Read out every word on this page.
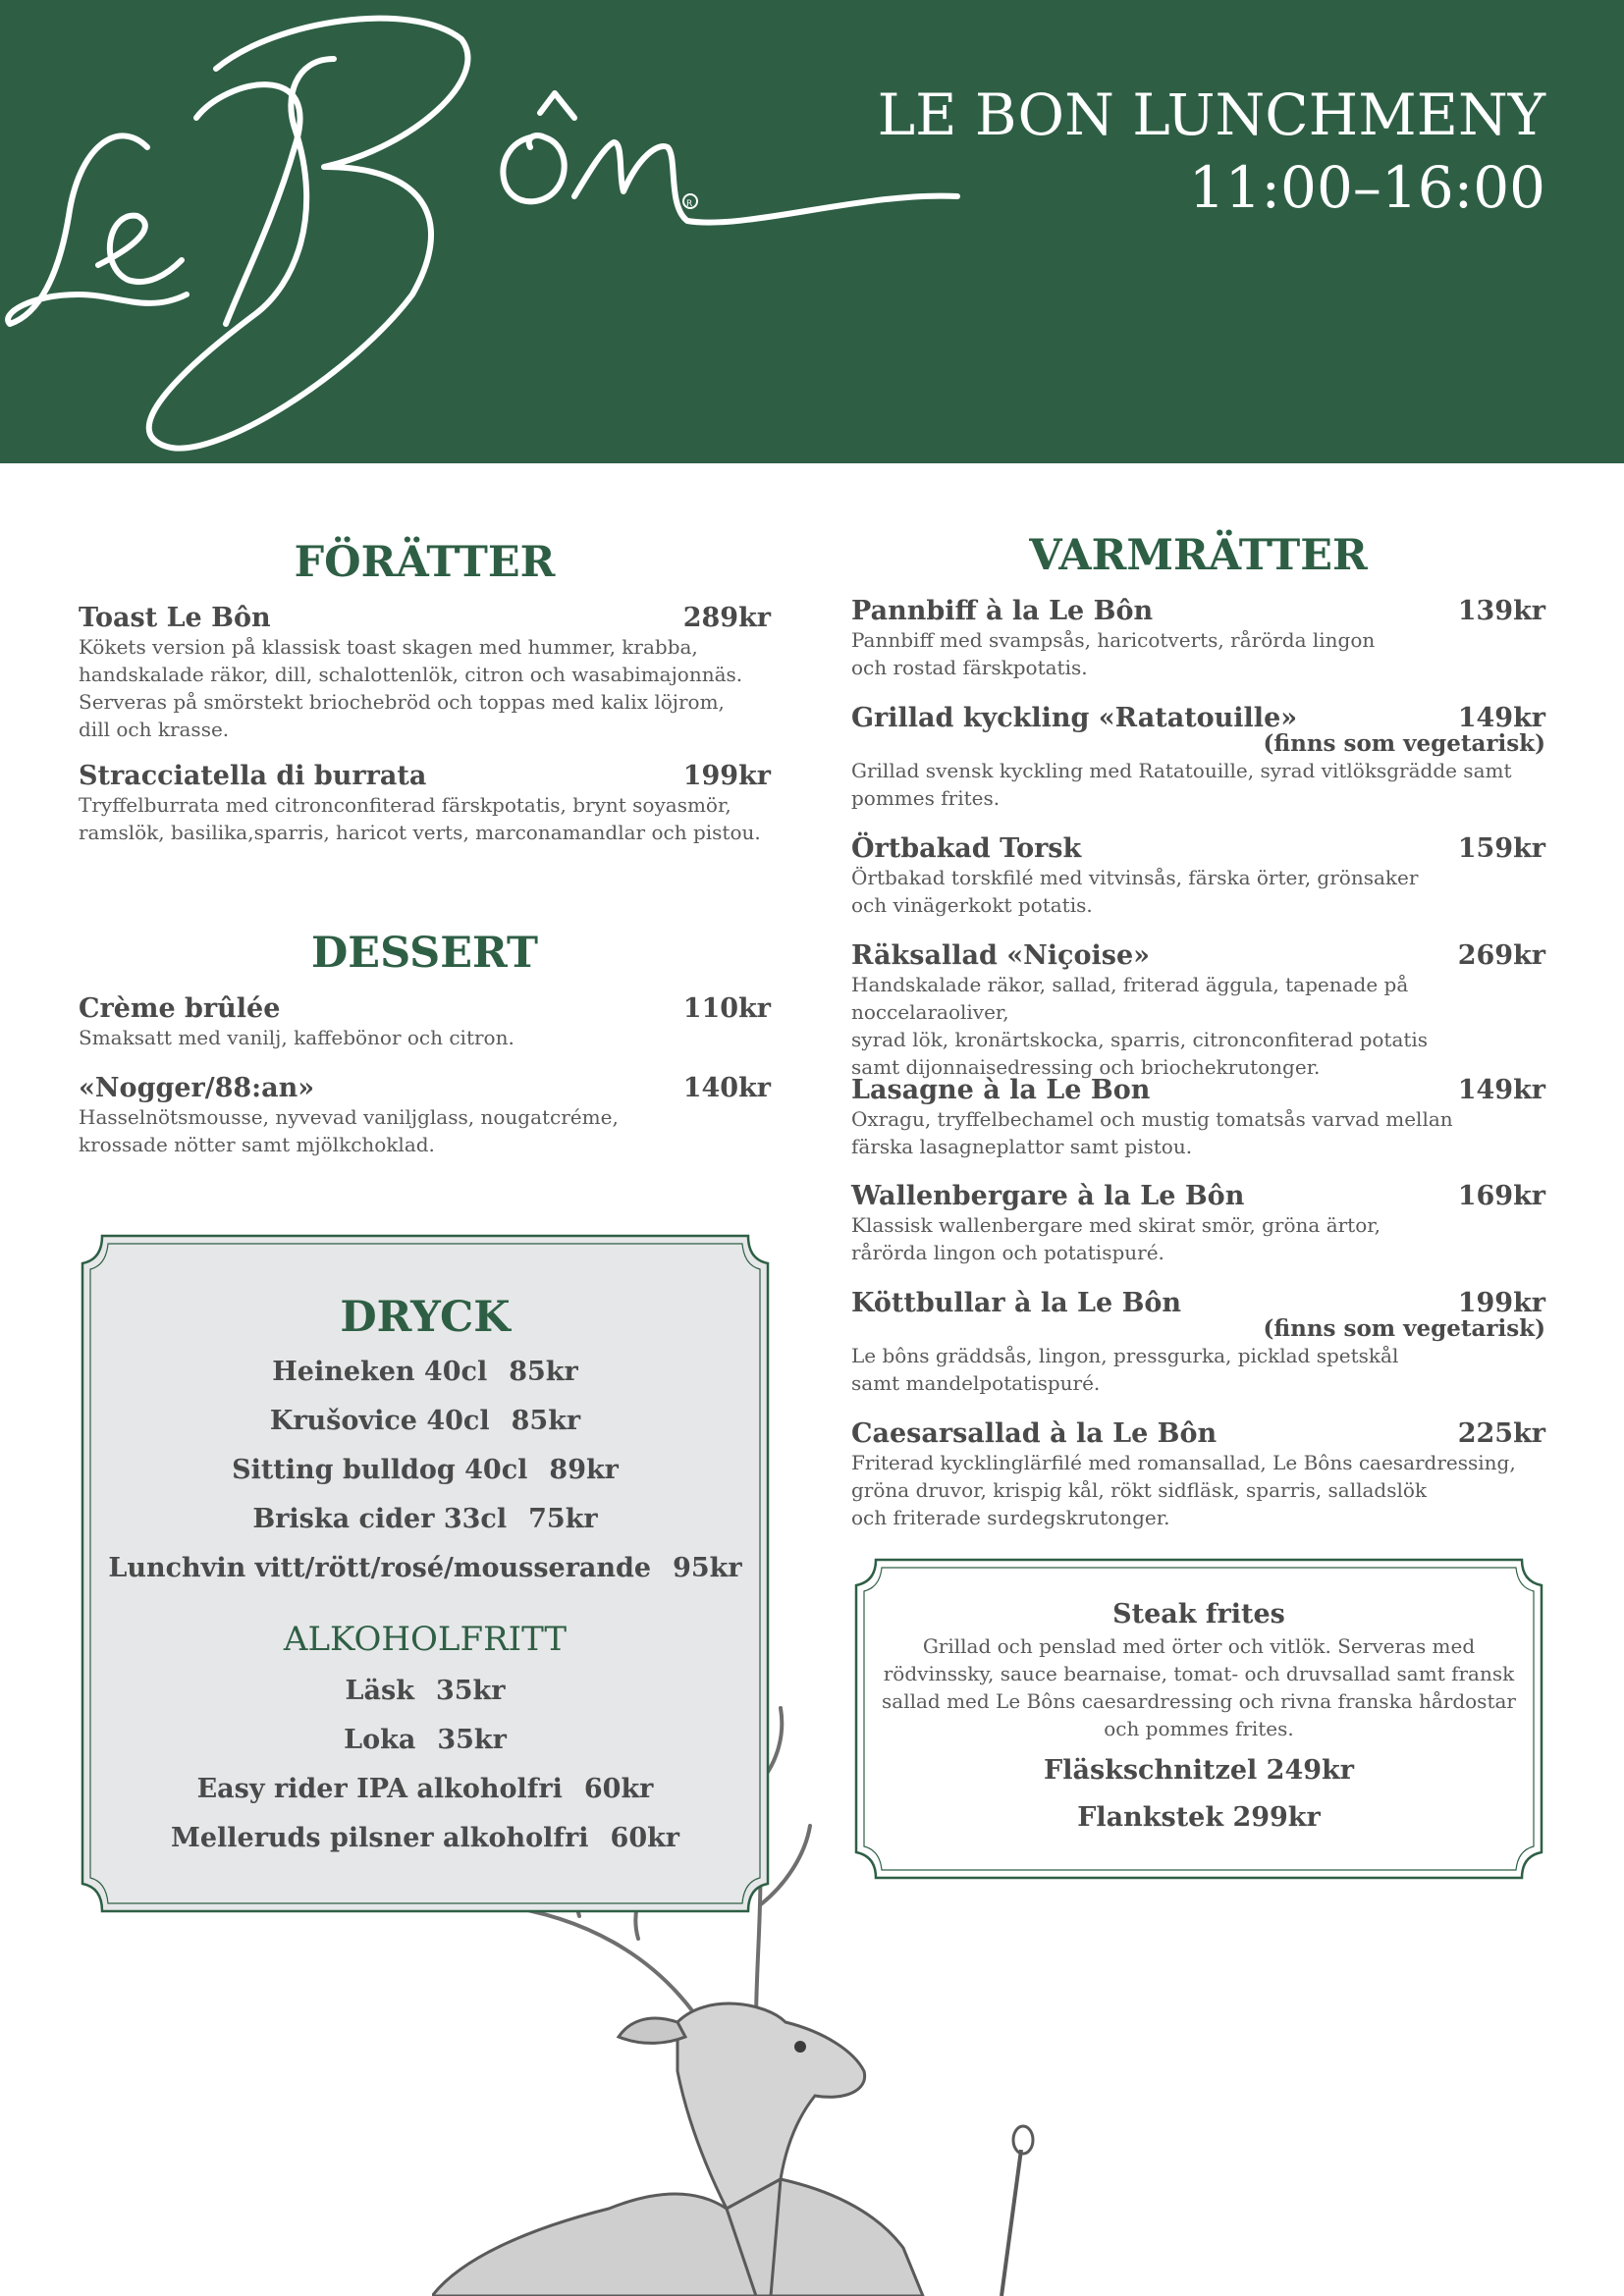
R
LE BON LUNCHMENY
11:00–16:00
FÖRÄTTER
Toast Le Bôn	289kr
Kökets version på klassisk toast skagen med hummer, krabba,
handskalade räkor, dill, schalottenlök, citron och wasabimajonnäs.
Serveras på smörstekt briochebröd och toppas med kalix löjrom,
dill och krasse.
Stracciatella di burrata	199kr
Tryffelburrata med citronconfiterad färskpotatis, brynt soyasmör,
ramslök, basilika,sparris, haricot verts, marconamandlar och pistou.
DESSERT
Crème brûlée	110kr
Smaksatt med vanilj, kaffebönor och citron.
«Nogger/88:an»	140kr
Hasselnötsmousse, nyvevad vaniljglass, nougatcréme,
krossade nötter samt mjölkchoklad.
DRYCK
Heineken 40cl 85kr
Krušovice 40cl 85kr
Sitting bulldog 40cl 89kr
Briska cider 33cl 75kr
Lunchvin vitt/rött/rosé/mousserande 95kr
ALKOHOLFRITT
Läsk 35kr
Loka 35kr
Easy rider IPA alkoholfri 60kr
Melleruds pilsner alkoholfri 60kr
VARMRÄTTER
Pannbiff à la Le Bôn	139kr
Pannbiff med svampsås, haricotverts, rårörda lingon
och rostad färskpotatis.
Grillad kyckling «Ratatouille»	149kr
(finns som vegetarisk)
Grillad svensk kyckling med Ratatouille, syrad vitlöksgrädde samt
pommes frites.
Örtbakad Torsk	159kr
Örtbakad torskfilé med vitvinsås, färska örter, grönsaker
och vinägerkokt potatis.
Räksallad «Niçoise»	269kr
Handskalade räkor, sallad, friterad äggula, tapenade på noccelaraoliver,
syrad lök, kronärtskocka, sparris, citronconfiterad potatis
samt dijonnaisedressing och briochekrutonger.
Lasagne à la Le Bon	149kr
Oxragu, tryffelbechamel och mustig tomatsås varvad mellan
färska lasagneplattor samt pistou.
Wallenbergare à la Le Bôn	169kr
Klassisk wallenbergare med skirat smör, gröna ärtor,
rårörda lingon och potatispuré.
Köttbullar à la Le Bôn	199kr
(finns som vegetarisk)
Le bôns gräddsås, lingon, pressgurka, picklad spetskål
samt mandelpotatispuré.
Caesarsallad à la Le Bôn	225kr
Friterad kycklinglärfilé med romansallad, Le Bôns caesardressing,
gröna druvor, krispig kål, rökt sidfläsk, sparris, salladslök
och friterade surdegskrutonger.
Steak frites
Grillad och penslad med örter och vitlök. Serveras med
rödvinssky, sauce bearnaise, tomat- och druvsallad samt fransk
sallad med Le Bôns caesardressing och rivna franska hårdostar
och pommes frites.
Fläskschnitzel 249kr
Flankstek 299kr
